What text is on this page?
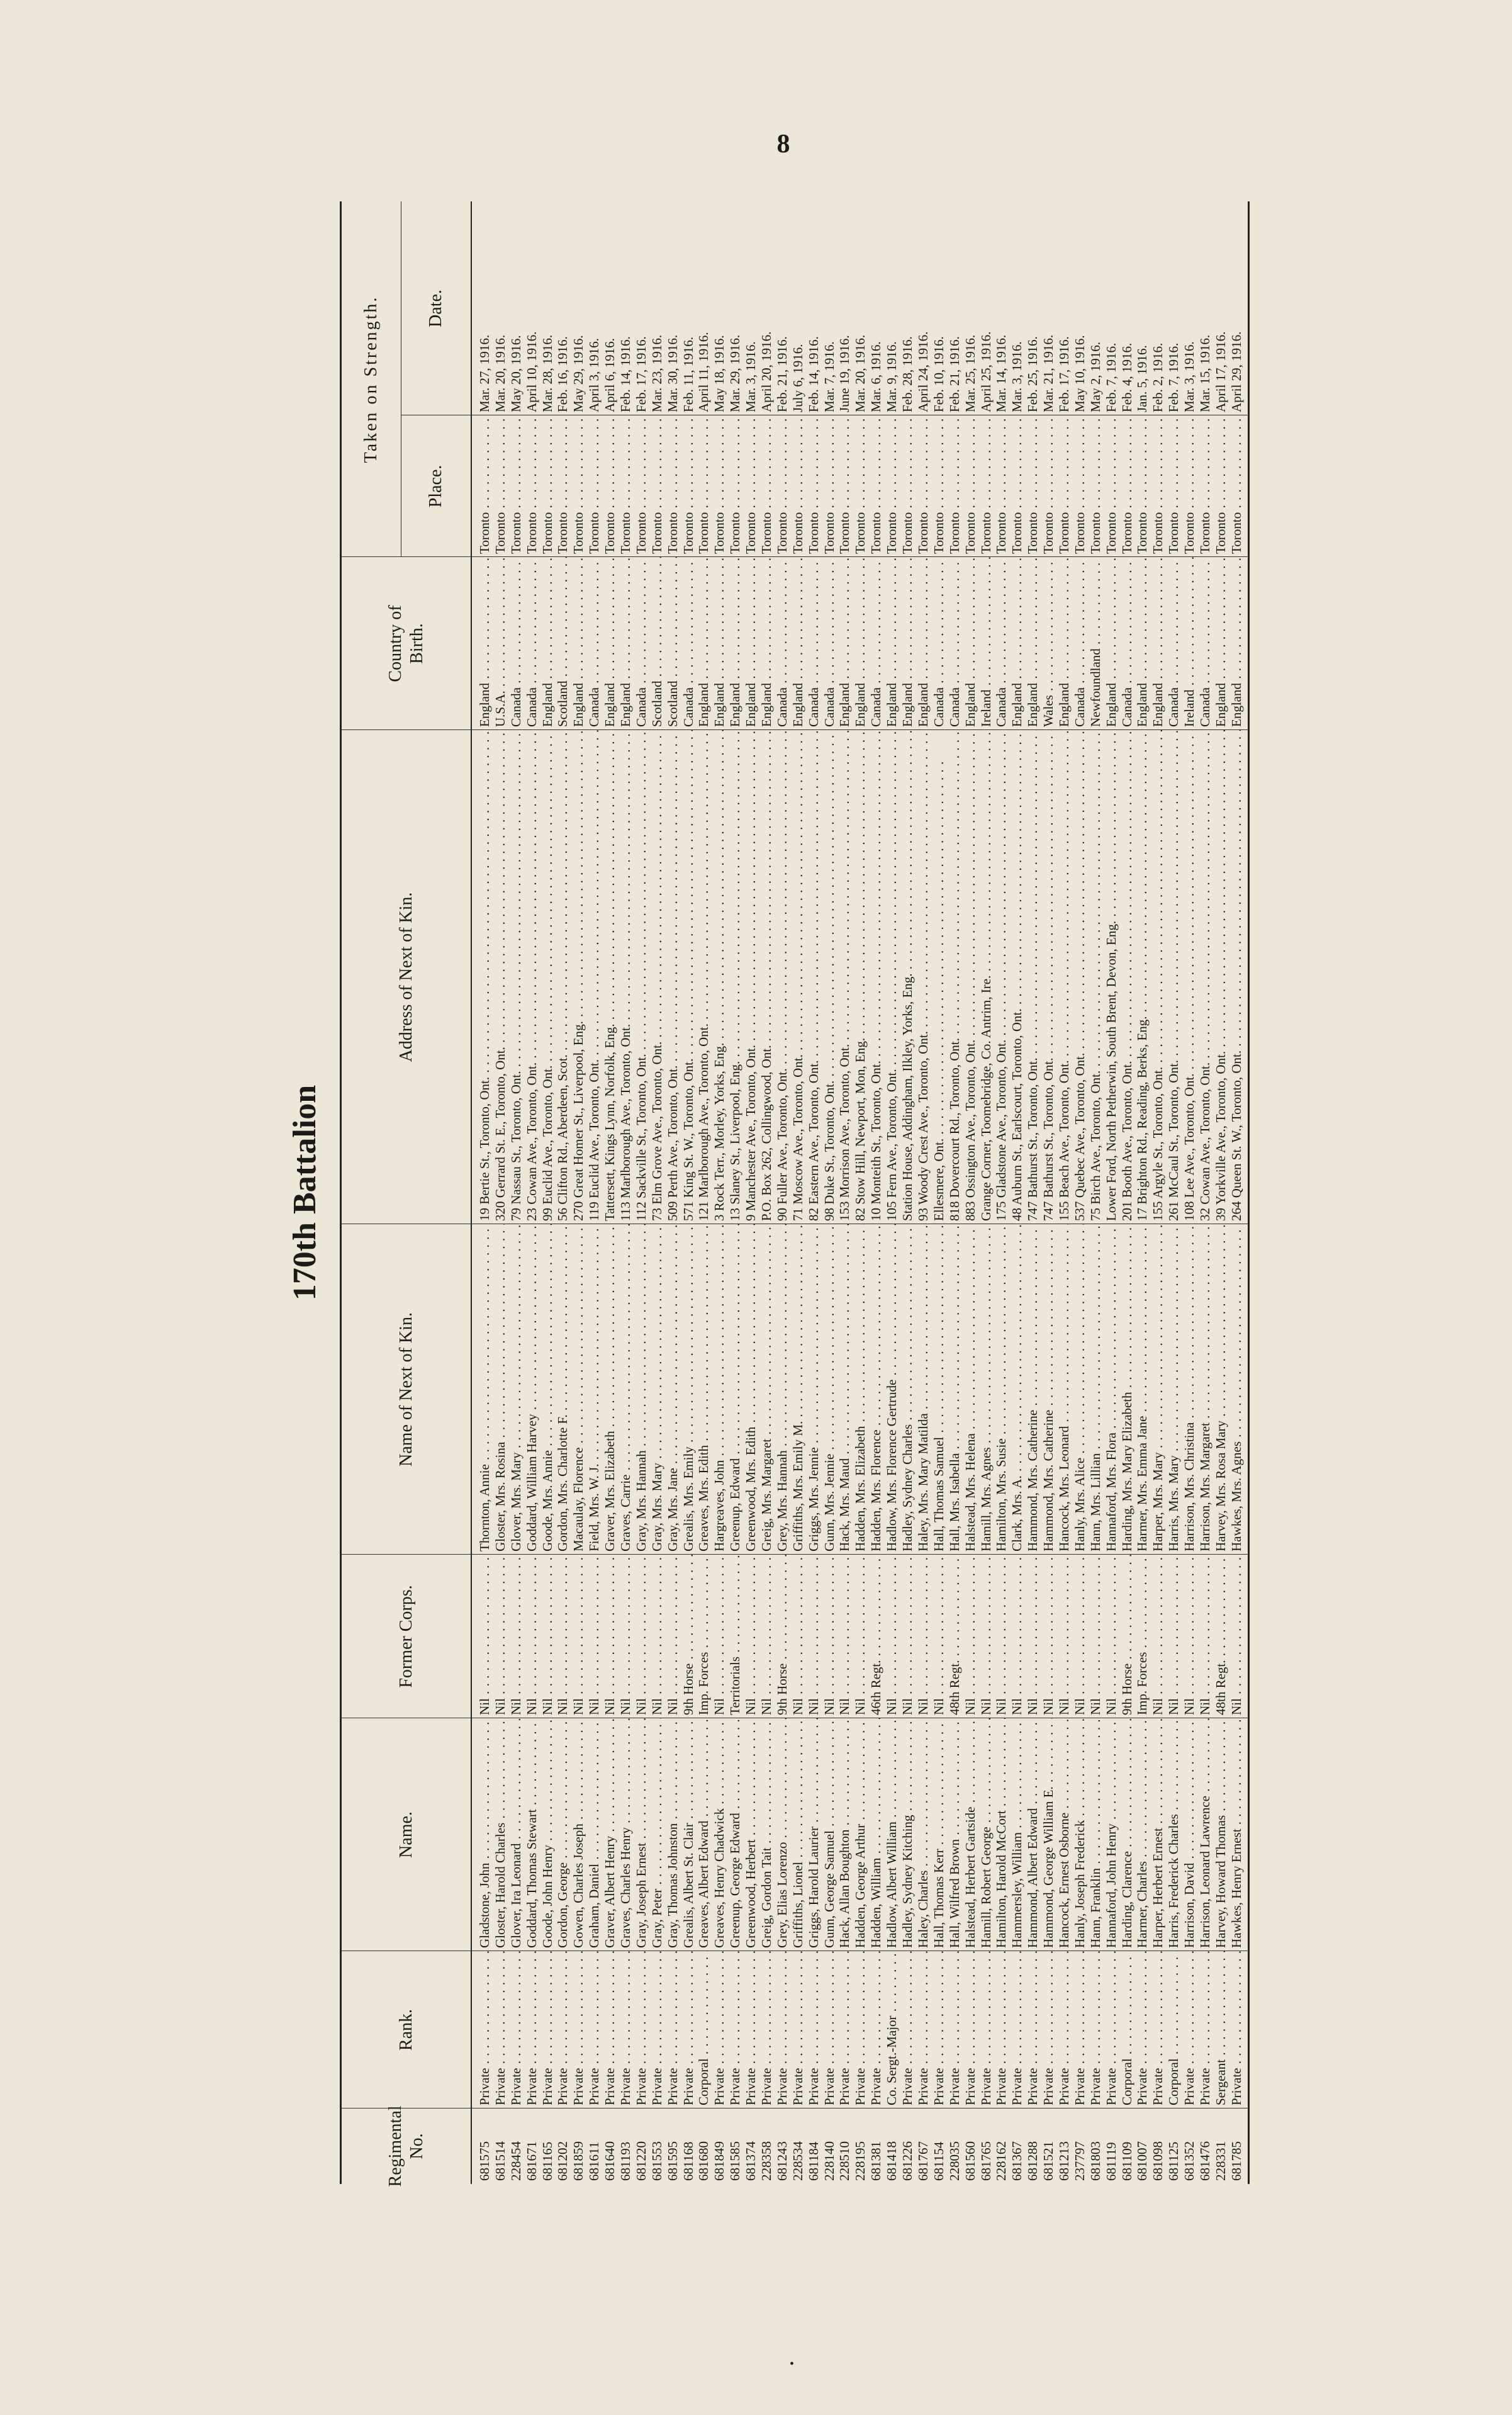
8
170th Battalion
Regimental No.
Rank.
Name.
Former Corps.
Name of Next of Kin.
Address of Next of Kin.
Country of Birth.
Taken on Strength.
Place.
Date.
681575
Private . . .
Gladstone, John . . .
Nil . . .
Thornton, Annie . . .
19 Bertie St., Toronto, Ont. . . .
England . . .
Toronto . . .
Mar. 27, 1916.
681514
Private . . .
Gloster, Harold Charles . . .
Nil . . .
Gloster, Mrs. Rosina . . .
320 Gerrard St. E., Toronto, Ont. . . .
U.S.A. . . .
Toronto . . .
Mar. 20, 1916.
228454
Private . . .
Glover, Ira Leonard . . .
Nil . . .
Glover, Mrs. Mary . . .
79 Nassau St., Toronto, Ont. . . .
Canada . . .
Toronto . . .
May 20, 1916.
681671
Private . . .
Goddard, Thomas Stewart . . .
Nil . . .
Goddard, William Harvey . . .
23 Cowan Ave., Toronto, Ont. . . .
Canada . . .
Toronto . . .
April 10, 1916.
681165
Private . . .
Goode, John Henry . . .
Nil . . .
Goode, Mrs. Annie . . .
99 Euclid Ave., Toronto, Ont. . . .
England . . .
Toronto . . .
Mar. 28, 1916.
681202
Private . . .
Gordon, George . . .
Nil . . .
Gordon, Mrs. Charlotte F. . . .
56 Clifton Rd., Aberdeen, Scot. . . .
Scotland . . .
Toronto . . .
Feb. 16, 1916.
681859
Private . . .
Gowen, Charles Joseph . . .
Nil . . .
Macaulay, Florence . . .
270 Great Homer St., Liverpool, Eng. . . .
England . . .
Toronto . . .
May 29, 1916.
681611
Private . . .
Graham, Daniel . . .
Nil . . .
Field, Mrs. W. J. . . .
119 Euclid Ave., Toronto, Ont. . . .
Canada . . .
Toronto . . .
April 3, 1916.
681640
Private . . .
Graver, Albert Henry . . .
Nil . . .
Graver, Mrs. Elizabeth . . .
Tattersett, Kings Lynn, Norfolk, Eng. . . .
England . . .
Toronto . . .
April 6, 1916.
681193
Private . . .
Graves, Charles Henry . . .
Nil . . .
Graves, Carrie . . .
113 Marlborough Ave., Toronto, Ont. . . .
England . . .
Toronto . . .
Feb. 14, 1916.
681220
Private . . .
Gray, Joseph Ernest . . .
Nil . . .
Gray, Mrs. Hannah . . .
112 Sackville St., Toronto, Ont. . . .
Canada . . .
Toronto . . .
Feb. 17, 1916.
681553
Private . . .
Gray, Peter . . .
Nil . . .
Gray, Mrs. Mary . . .
73 Elm Grove Ave., Toronto, Ont. . . .
Scotland . . .
Toronto . . .
Mar. 23, 1916.
681595
Private . . .
Gray, Thomas Johnston . . .
Nil . . .
Gray, Mrs. Jane . . .
509 Perth Ave., Toronto, Ont. . . .
Scotland . . .
Toronto . . .
Mar. 30, 1916.
681168
Private . . .
Grealis, Albert St. Clair . . .
9th Horse . . .
Grealis, Mrs. Emily . . .
571 King St. W., Toronto, Ont. . . .
Canada . . .
Toronto . . .
Feb. 11, 1916.
681680
Corporal . . .
Greaves, Albert Edward . . .
Imp. Forces . . .
Greaves, Mrs. Edith . . .
121 Marlborough Ave., Toronto, Ont. . . .
England . . .
Toronto . . .
April 11, 1916.
681849
Private . . .
Greaves, Henry Chadwick . . .
Nil . . .
Hargreaves, John . . .
3 Rock Terr., Morley, Yorks, Eng. . . .
England . . .
Toronto . . .
May 18, 1916.
681585
Private . . .
Greenup, George Edward . . .
Territorials . . .
Greenup, Edward . . .
13 Slaney St., Liverpool, Eng. . . .
England . . .
Toronto . . .
Mar. 29, 1916.
681374
Private . . .
Greenwood, Herbert . . .
Nil . . .
Greenwood, Mrs. Edith . . .
9 Manchester Ave., Toronto, Ont. . . .
England . . .
Toronto . . .
Mar. 3, 1916.
228358
Private . . .
Greig, Gordon Tait . . .
Nil . . .
Greig, Mrs. Margaret . . .
P.O. Box 262, Collingwood, Ont. . . .
England . . .
Toronto . . .
April 20, 1916.
681243
Private . . .
Grey, Elias Lorenzo . . .
9th Horse . . .
Grey, Mrs. Hannah . . .
90 Fuller Ave., Toronto, Ont. . . .
Canada . . .
Toronto . . .
Feb. 21, 1916.
228534
Private . . .
Griffiths, Lionel . . .
Nil . . .
Griffiths, Mrs. Emily M. . . .
71 Moscow Ave., Toronto, Ont. . . .
England . . .
Toronto . . .
July 6, 1916.
681184
Private . . .
Griggs, Harold Laurier . . .
Nil . . .
Griggs, Mrs. Jennie . . .
82 Eastern Ave., Toronto, Ont. . . .
Canada . . .
Toronto . . .
Feb. 14, 1916.
228140
Private . . .
Gunn, George Samuel . . .
Nil . . .
Gunn, Mrs. Jennie . . .
98 Duke St., Toronto, Ont. . . .
Canada . . .
Toronto . . .
Mar. 7, 1916.
228510
Private . . .
Hack, Allan Boughton . . .
Nil . . .
Hack, Mrs. Maud . . .
153 Morrison Ave., Toronto, Ont. . . .
England . . .
Toronto . . .
June 19, 1916.
228195
Private . . .
Hadden, George Arthur . . .
Nil . . .
Hadden, Mrs. Elizabeth . . .
82 Stow Hill, Newport, Mon, Eng. . . .
England . . .
Toronto . . .
Mar. 20, 1916.
681381
Private . . .
Hadden, William . . .
46th Regt. . . .
Hadden, Mrs. Florence . . .
10 Monteith St., Toronto, Ont. . . .
Canada . . .
Toronto . . .
Mar. 6, 1916.
681418
Co. Sergt.-Major . . .
Hadlow, Albert William . . .
Nil . . .
Hadlow, Mrs. Florence Gertrude . . .
105 Fern Ave., Toronto, Ont. . . .
England . . .
Toronto . . .
Mar. 9, 1916.
681226
Private . . .
Hadley, Sydney Kitching . . .
Nil . . .
Hadley, Sydney Charles . . .
Station House, Addingham, Ilkley, Yorks, Eng. . . .
England . . .
Toronto . . .
Feb. 28, 1916.
681767
Private . . .
Haley, Charles . . .
Nil . . .
Haley, Mrs. Mary Matilda . . .
93 Woody Crest Ave., Toronto, Ont. . . .
England . . .
Toronto . . .
April 24, 1916.
681154
Private . . .
Hall, Thomas Kerr . . .
Nil . . .
Hall, Thomas Samuel . . .
Ellesmere, Ont. . . .
Canada . . .
Toronto . . .
Feb. 10, 1916.
228035
Private . . .
Hall, Wilfred Brown . . .
48th Regt. . . .
Hall, Mrs. Isabella . . .
818 Dovercourt Rd., Toronto, Ont. . . .
Canada . . .
Toronto . . .
Feb. 21, 1916.
681560
Private . . .
Halstead, Herbert Gartside . . .
Nil . . .
Halstead, Mrs. Helena . . .
883 Ossington Ave., Toronto, Ont. . . .
England . . .
Toronto . . .
Mar. 25, 1916.
681765
Private . . .
Hamill, Robert George . . .
Nil . . .
Hamill, Mrs. Agnes . . .
Grange Corner, Toomebridge, Co. Antrim, Ire. . . .
Ireland . . .
Toronto . . .
April 25, 1916.
228162
Private . . .
Hamilton, Harold McCort . . .
Nil . . .
Hamilton, Mrs. Susie . . .
175 Gladstone Ave., Toronto, Ont. . . .
Canada . . .
Toronto . . .
Mar. 14, 1916.
681367
Private . . .
Hammersley, William . . .
Nil . . .
Clark, Mrs. A. . . .
48 Auburn St., Earlscourt, Toronto, Ont. . . .
England . . .
Toronto . . .
Mar. 3, 1916.
681288
Private . . .
Hammond, Albert Edward . . .
Nil . . .
Hammond, Mrs. Catherine . . .
747 Bathurst St., Toronto, Ont. . . .
England . . .
Toronto . . .
Feb. 25, 1916.
681521
Private . . .
Hammond, George William E. . . .
Nil . . .
Hammond, Mrs. Catherine . . .
747 Bathurst St., Toronto, Ont. . . .
Wales . . .
Toronto . . .
Mar. 21, 1916.
681213
Private . . .
Hancock, Ernest Osborne . . .
Nil . . .
Hancock, Mrs. Leonard . . .
155 Beach Ave., Toronto, Ont. . . .
England . . .
Toronto . . .
Feb. 17, 1916.
237797
Private . . .
Hanly, Joseph Frederick . . .
Nil . . .
Hanly, Mrs. Alice . . .
537 Quebec Ave., Toronto, Ont. . . .
Canada . . .
Toronto . . .
May 10, 1916.
681803
Private . . .
Hann, Franklin . . .
Nil . . .
Hann, Mrs. Lillian . . .
75 Birch Ave., Toronto, Ont. . . .
Newfoundland . . .
Toronto . . .
May 2, 1916.
681119
Private . . .
Hannaford, John Henry . . .
Nil . . .
Hannaford, Mrs. Flora . . .
Lower Ford, North Petherwin, South Brent, Devon, Eng. . . .
England . . .
Toronto . . .
Feb. 7, 1916.
681109
Corporal . . .
Harding, Clarence . . .
9th Horse . . .
Harding, Mrs. Mary Elizabeth . . .
201 Booth Ave., Toronto, Ont. . . .
Canada . . .
Toronto . . .
Feb. 4, 1916.
681007
Private . . .
Harmer, Charles . . .
Imp. Forces . . .
Harmer, Mrs. Emma Jane . . .
17 Brighton Rd., Reading, Berks, Eng. . . .
England . . .
Toronto . . .
Jan. 5, 1916.
681098
Private . . .
Harper, Herbert Ernest . . .
Nil . . .
Harper, Mrs. Mary . . .
155 Argyle St., Toronto, Ont. . . .
England . . .
Toronto . . .
Feb. 2, 1916.
681125
Corporal . . .
Harris, Frederick Charles . . .
Nil . . .
Harris, Mrs. Mary . . .
261 McCaul St., Toronto, Ont. . . .
Canada . . .
Toronto . . .
Feb. 7, 1916.
681352
Private . . .
Harrison, David . . .
Nil . . .
Harrison, Mrs. Christina . . .
108 Lee Ave., Toronto, Ont. . . .
Ireland . . .
Toronto . . .
Mar. 3, 1916.
681476
Private . . .
Harrison, Leonard Lawrence . . .
Nil . . .
Harrison, Mrs. Margaret . . .
32 Cowan Ave., Toronto, Ont. . . .
Canada . . .
Toronto . . .
Mar. 15, 1916.
228331
Sergeant . . .
Harvey, Howard Thomas . . .
48th Regt. . . .
Harvey, Mrs. Rosa Mary . . .
39 Yorkville Ave., Toronto, Ont. . . .
England . . .
Toronto . . .
April 17, 1916.
681785
Private . . .
Hawkes, Henry Ernest . . .
Nil . . .
Hawkes, Mrs. Agnes . . .
264 Queen St. W., Toronto, Ont. . . .
England . . .
Toronto . . .
April 29, 1916.
•
